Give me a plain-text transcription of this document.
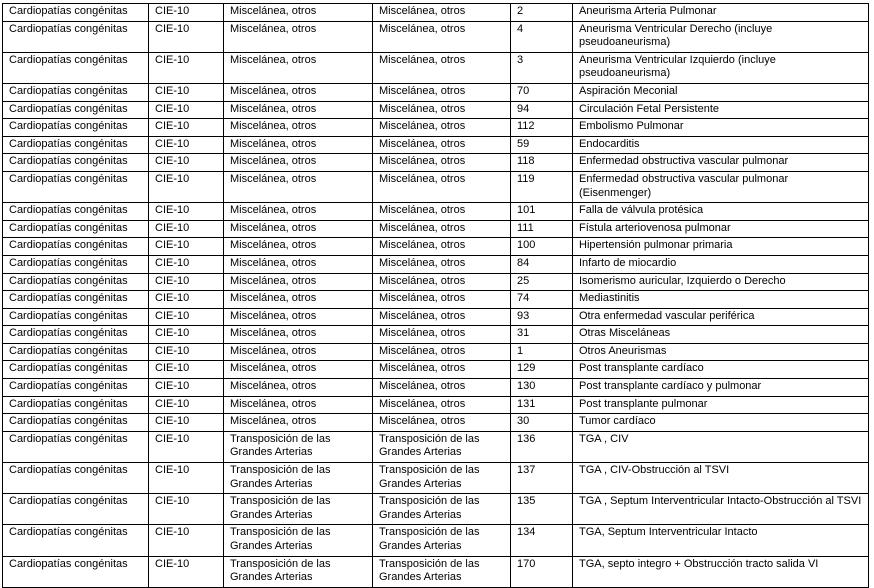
Cardiopatías congénitas	CIE-10	Miscelánea, otros	Miscelánea, otros	2	Aneurisma Arteria Pulmonar
Cardiopatías congénitas	CIE-10	Miscelánea, otros	Miscelánea, otros	4	Aneurisma Ventricular Derecho (incluye pseudoaneurisma)
Cardiopatías congénitas	CIE-10	Miscelánea, otros	Miscelánea, otros	3	Aneurisma Ventricular Izquierdo (incluye pseudoaneurisma)
Cardiopatías congénitas	CIE-10	Miscelánea, otros	Miscelánea, otros	70	Aspiración Meconial
Cardiopatías congénitas	CIE-10	Miscelánea, otros	Miscelánea, otros	94	Circulación Fetal Persistente
Cardiopatías congénitas	CIE-10	Miscelánea, otros	Miscelánea, otros	112	Embolismo Pulmonar
Cardiopatías congénitas	CIE-10	Miscelánea, otros	Miscelánea, otros	59	Endocarditis
Cardiopatías congénitas	CIE-10	Miscelánea, otros	Miscelánea, otros	118	Enfermedad obstructiva vascular pulmonar
Cardiopatías congénitas	CIE-10	Miscelánea, otros	Miscelánea, otros	119	Enfermedad obstructiva vascular pulmonar (Eisenmenger)
Cardiopatías congénitas	CIE-10	Miscelánea, otros	Miscelánea, otros	101	Falla de válvula protésica
Cardiopatías congénitas	CIE-10	Miscelánea, otros	Miscelánea, otros	111	Fístula arteriovenosa pulmonar
Cardiopatías congénitas	CIE-10	Miscelánea, otros	Miscelánea, otros	100	Hipertensión pulmonar primaria
Cardiopatías congénitas	CIE-10	Miscelánea, otros	Miscelánea, otros	84	Infarto de miocardio
Cardiopatías congénitas	CIE-10	Miscelánea, otros	Miscelánea, otros	25	Isomerismo auricular, Izquierdo o Derecho
Cardiopatías congénitas	CIE-10	Miscelánea, otros	Miscelánea, otros	74	Mediastinitis
Cardiopatías congénitas	CIE-10	Miscelánea, otros	Miscelánea, otros	93	Otra enfermedad vascular periférica
Cardiopatías congénitas	CIE-10	Miscelánea, otros	Miscelánea, otros	31	Otras Misceláneas
Cardiopatías congénitas	CIE-10	Miscelánea, otros	Miscelánea, otros	1	Otros Aneurismas
Cardiopatías congénitas	CIE-10	Miscelánea, otros	Miscelánea, otros	129	Post transplante cardíaco
Cardiopatías congénitas	CIE-10	Miscelánea, otros	Miscelánea, otros	130	Post transplante cardíaco y pulmonar
Cardiopatías congénitas	CIE-10	Miscelánea, otros	Miscelánea, otros	131	Post transplante pulmonar
Cardiopatías congénitas	CIE-10	Miscelánea, otros	Miscelánea, otros	30	Tumor cardíaco
Cardiopatías congénitas	CIE-10	Transposición de las Grandes Arterias	Transposición de las Grandes Arterias	136	TGA , CIV
Cardiopatías congénitas	CIE-10	Transposición de las Grandes Arterias	Transposición de las Grandes Arterias	137	TGA , CIV-Obstrucción al TSVI
Cardiopatías congénitas	CIE-10	Transposición de las Grandes Arterias	Transposición de las Grandes Arterias	135	TGA , Septum Interventricular Intacto-Obstrucción al TSVI
Cardiopatías congénitas	CIE-10	Transposición de las Grandes Arterias	Transposición de las Grandes Arterias	134	TGA, Septum Interventricular Intacto
Cardiopatías congénitas	CIE-10	Transposición de las Grandes Arterias	Transposición de las Grandes Arterias	170	TGA, septo integro + Obstrucción tracto salida VI
